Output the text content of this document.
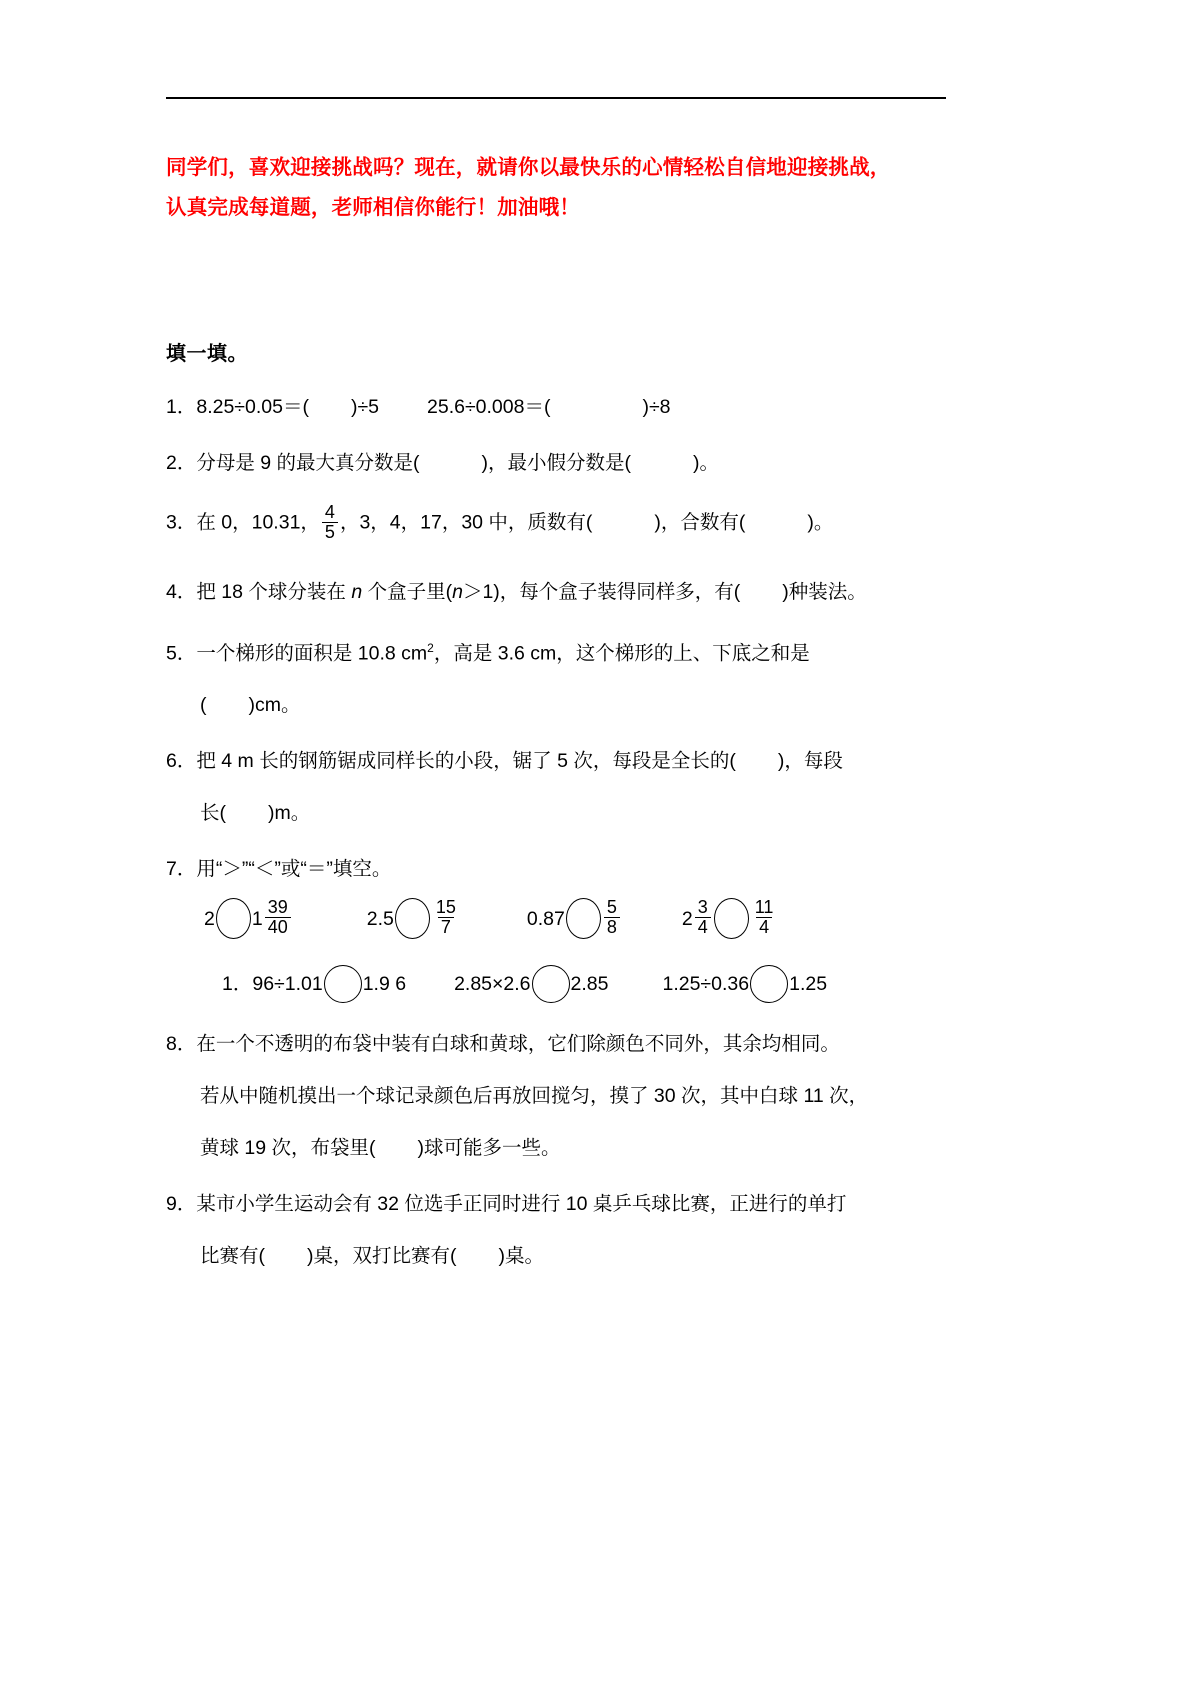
同学们，喜欢迎接挑战吗？现在，就请你以最快乐的心情轻松自信地迎接挑战，
认真完成每道题，老师相信你能行！加油哦！
填一填。
1．8.25÷0.05＝( )÷5 25.6÷0.008＝(	)÷8
2．分母是 9 的最大真分数是(	)，最小假分数是(	)。
3．在 0，10.31， $\frac{4}{5}$ ，3，4，17，30 中，质数有(	)，合数有(	)。
4．把 18 个球分装在 n 个盒子里(n＞1)，每个盒子装得同样多，有( )种装法。
5．一个梯形的面积是 10.8 $cm^2$，高是 3.6 cm，这个梯形的上、下底之和是
( )cm。
6．把 4 m 长的钢筋锯成同样长的小段，锯了 5 次，每段是全长的( )，每段
长( )m。
7．用“＞”“＜”或“＝”填空。
2 $1 \frac{39}{40}$	$2.5 \frac{15}{7}$	$0.87 \frac{5}{8}$	$2 \frac{3}{4} \frac{11}{4}$
1．96÷1.01 1.9 6 2.85×2.6 2.85	1.25÷0.36 1.25
8．在一个不透明的布袋中装有白球和黄球，它们除颜色不同外，其余均相同。
若从中随机摸出一个球记录颜色后再放回搅匀，摸了 30 次，其中白球 11 次，
黄球 19 次，布袋里( )球可能多一些。
9．某市小学生运动会有 32 位选手正同时进行 10 桌乒乓球比赛，正进行的单打
比赛有( )桌，双打比赛有( )桌。
